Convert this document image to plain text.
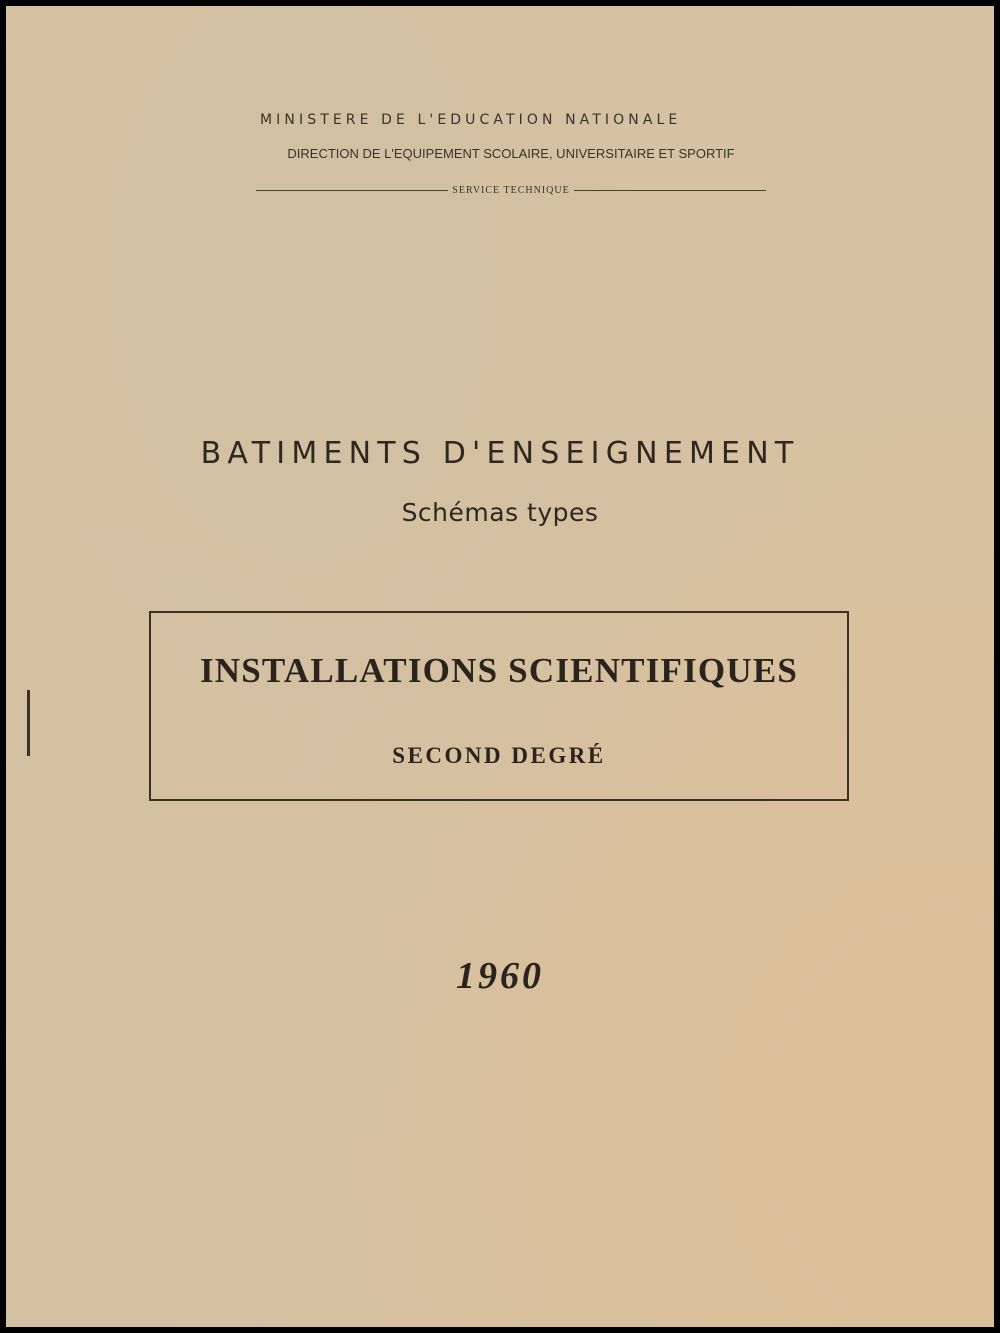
MINISTERE DE L'EDUCATION NATIONALE
DIRECTION DE L'EQUIPEMENT SCOLAIRE, UNIVERSITAIRE ET SPORTIF
SERVICE TECHNIQUE
BATIMENTS D'ENSEIGNEMENT
Schémas types
INSTALLATIONS SCIENTIFIQUES
SECOND DEGRÉ
1960
